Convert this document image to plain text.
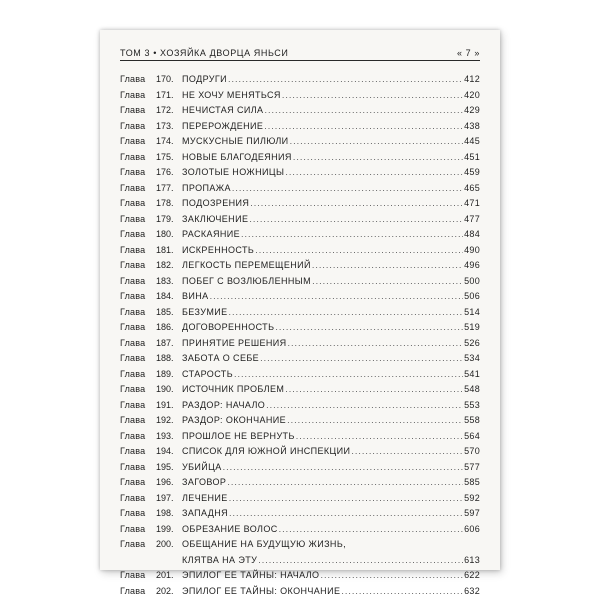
ТОМ 3 • ХОЗЯЙКА ДВОРЦА ЯНЬСИ	« 7 »
Глава	170. ПОДРУГИ .....	412
Глава	171. НЕ ХОЧУ МЕНЯТЬСЯ .....	420
Глава	172. НЕЧИСТАЯ СИЛА .....	429
Глава	173. ПЕРЕРОЖДЕНИЕ .....	438
Глава	174. МУСКУСНЫЕ ПИЛЮЛИ .....	445
Глава	175. НОВЫЕ БЛАГОДЕЯНИЯ .....	451
Глава	176. ЗОЛОТЫЕ НОЖНИЦЫ .....	459
Глава	177. ПРОПАЖА .....	465
Глава	178. ПОДОЗРЕНИЯ .....	471
Глава	179. ЗАКЛЮЧЕНИЕ .....	477
Глава	180. РАСКАЯНИЕ .....	484
Глава	181. ИСКРЕННОСТЬ .....	490
Глава	182. ЛЕГКОСТЬ ПЕРЕМЕЩЕНИЙ .....	496
Глава	183. ПОБЕГ С ВОЗЛЮБЛЕННЫМ .....	500
Глава	184. ВИНА .....	506
Глава	185. БЕЗУМИЕ .....	514
Глава	186. ДОГОВОРЕННОСТЬ .....	519
Глава	187. ПРИНЯТИЕ РЕШЕНИЯ .....	526
Глава	188. ЗАБОТА О СЕБЕ .....	534
Глава	189. СТАРОСТЬ .....	541
Глава	190. ИСТОЧНИК ПРОБЛЕМ .....	548
Глава	191. РАЗДОР: НАЧАЛО .....	553
Глава	192. РАЗДОР: ОКОНЧАНИЕ .....	558
Глава	193. ПРОШЛОЕ НЕ ВЕРНУТЬ .....	564
Глава	194. СПИСОК ДЛЯ ЮЖНОЙ ИНСПЕКЦИИ .....	570
Глава	195. УБИЙЦА .....	577
Глава	196. ЗАГОВОР .....	585
Глава	197. ЛЕЧЕНИЕ .....	592
Глава	198. ЗАПАДНЯ .....	597
Глава	199. ОБРЕЗАНИЕ ВОЛОС .....	606
Глава	200. ОБЕЩАНИЕ НА БУДУЩУЮ ЖИЗНЬ,
КЛЯТВА НА ЭТУ .....	613
Глава	201. ЭПИЛОГ ЕЕ ТАЙНЫ: НАЧАЛО .....	622
Глава	202. ЭПИЛОГ ЕЕ ТАЙНЫ: ОКОНЧАНИЕ .....	632
